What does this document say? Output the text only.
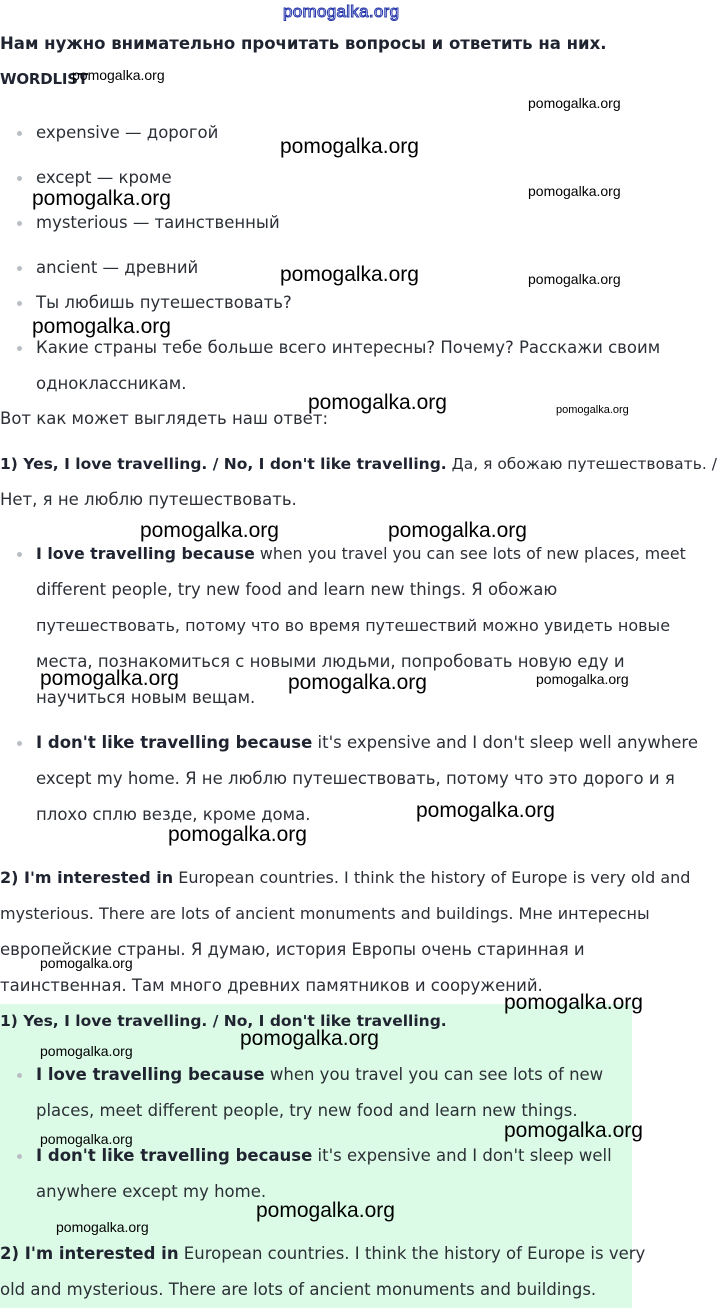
pomogalka.org
Нам нужно внимательно прочитать вопросы и ответить на них.
WORDLIST
expensive — дорогой
except — кроме
mysterious — таинственный
ancient — древний
Ты любишь путешествовать?
Какие страны тебе больше всего интересны? Почему? Расскажи своим
одноклассникам.
Вот как может выглядеть наш ответ:
1) Yes, I love travelling. / No, I don't like travelling. Да, я обожаю путешествовать. /
Нет, я не люблю путешествовать.
I love travelling because when you travel you can see lots of new places, meet
different people, try new food and learn new things. Я обожаю
путешествовать, потому что во время путешествий можно увидеть новые
места, познакомиться с новыми людьми, попробовать новую еду и
научиться новым вещам.
I don't like travelling because it's expensive and I don't sleep well anywhere
except my home. Я не люблю путешествовать, потому что это дорого и я
плохо сплю везде, кроме дома.
2) I'm interested in European countries. I think the history of Europe is very old and
mysterious. There are lots of ancient monuments and buildings. Мне интересны
европейские страны. Я думаю, история Европы очень старинная и
таинственная. Там много древних памятников и сооружений.
1) Yes, I love travelling. / No, I don't like travelling.
I love travelling because when you travel you can see lots of new
places, meet different people, try new food and learn new things.
I don't like travelling because it's expensive and I don't sleep well
anywhere except my home.
2) I'm interested in European countries. I think the history of Europe is very
old and mysterious. There are lots of ancient monuments and buildings.
pomogalka.org
pomogalka.org
pomogalka.org
pomogalka.org
pomogalka.org
pomogalka.org	pomogalka.org
pomogalka.org
pomogalka.org	pomogalka.org
pomogalka.org	pomogalka.org
pomogalka.org	pomogalka.org	pomogalka.org
pomogalka.org
pomogalka.org
pomogalka.org
pomogalka.org
pomogalka.org
pomogalka.org
pomogalka.org	pomogalka.org
pomogalka.org
pomogalka.org
